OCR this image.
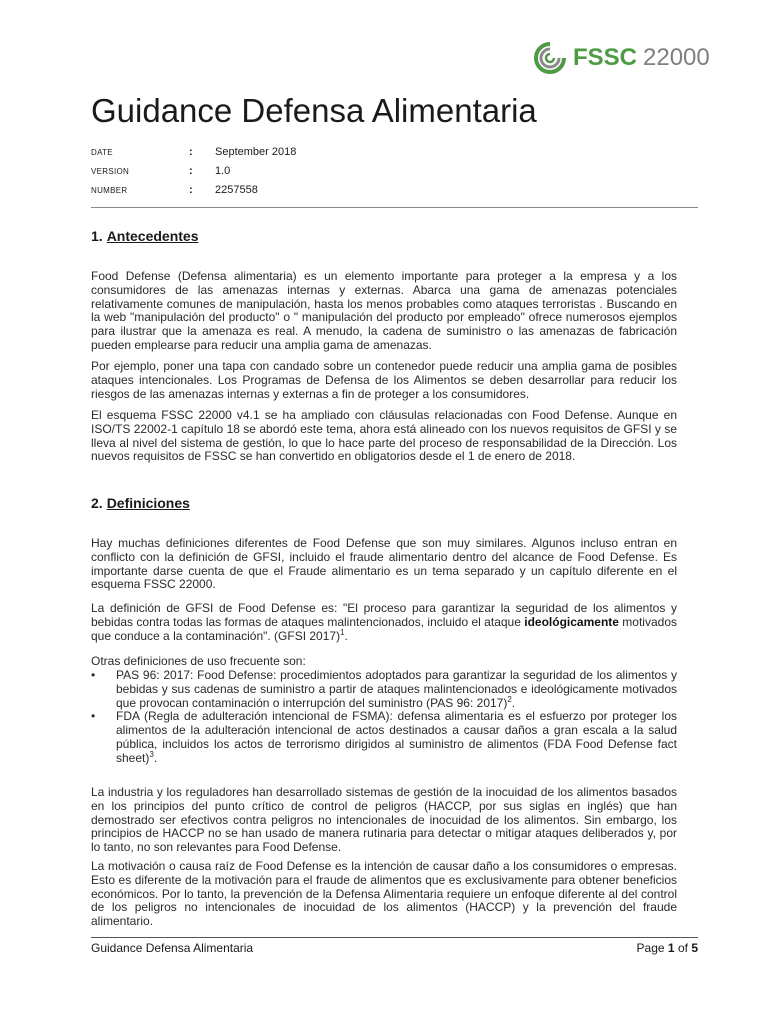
FSSC 22000
Guidance Defensa Alimentaria
DATE	:	September 2018
VERSION	:	1.0
NUMBER	:	2257558
1. Antecedentes

Food Defense (Defensa alimentaria) es un elemento importante para proteger a la empresa y a los consumidores de las amenazas internas y externas. Abarca una gama de amenazas potenciales relativamente comunes de manipulación, hasta los menos probables como ataques terroristas . Buscando en la web "manipulación del producto" o " manipulación del producto por empleado" ofrece numerosos ejemplos para ilustrar que la amenaza es real. A menudo, la cadena de suministro o las amenazas de fabricación pueden emplearse para reducir una amplia gama de amenazas.

Por ejemplo, poner una tapa con candado sobre un contenedor puede reducir una amplia gama de posibles ataques intencionales. Los Programas de Defensa de los Alimentos se deben desarrollar para reducir los riesgos de las amenazas internas y externas a fin de proteger a los consumidores.

El esquema FSSC 22000 v4.1 se ha ampliado con cláusulas relacionadas con Food Defense. Aunque en ISO/TS 22002-1 capítulo 18 se abordó este tema, ahora está alineado con los nuevos requisitos de GFSI y se lleva al nivel del sistema de gestión, lo que lo hace parte del proceso de responsabilidad de la Dirección. Los nuevos requisitos de FSSC se han convertido en obligatorios desde el 1 de enero de 2018.

2. Definiciones

Hay muchas definiciones diferentes de Food Defense que son muy similares. Algunos incluso entran en conflicto con la definición de GFSI, incluido el fraude alimentario dentro del alcance de Food Defense. Es importante darse cuenta de que el Fraude alimentario es un tema separado y un capítulo diferente en el esquema FSSC 22000.

La definición de GFSI de Food Defense es: "El proceso para garantizar la seguridad de los alimentos y bebidas contra todas las formas de ataques malintencionados, incluido el ataque ideológicamente motivados que conduce a la contaminación". (GFSI 2017)$^1$.

Otras definiciones de uso frecuente son:

• PAS 96: 2017: Food Defense: procedimientos adoptados para garantizar la seguridad de los alimentos y bebidas y sus cadenas de suministro a partir de ataques malintencionados e ideológicamente motivados que provocan contaminación o interrupción del suministro (PAS 96: 2017)$^2$.
• FDA (Regla de adulteración intencional de FSMA): defensa alimentaria es el esfuerzo por proteger los alimentos de la adulteración intencional de actos destinados a causar daños a gran escala a la salud pública, incluidos los actos de terrorismo dirigidos al suministro de alimentos (FDA Food Defense fact sheet)$^3$.

La industria y los reguladores han desarrollado sistemas de gestión de la inocuidad de los alimentos basados en los principios del punto crítico de control de peligros (HACCP, por sus siglas en inglés) que han demostrado ser efectivos contra peligros no intencionales de inocuidad de los alimentos. Sin embargo, los principios de HACCP no se han usado de manera rutinaria para detectar o mitigar ataques deliberados y, por lo tanto, no son relevantes para Food Defense.

La motivación o causa raíz de Food Defense es la intención de causar daño a los consumidores o empresas. Esto es diferente de la motivación para el fraude de alimentos que es exclusivamente para obtener beneficios económicos. Por lo tanto, la prevención de la Defensa Alimentaria requiere un enfoque diferente al del control de los peligros no intencionales de inocuidad de los alimentos (HACCP) y la prevención del fraude alimentario.

Guidance Defensa Alimentaria	Page 1 of 5
